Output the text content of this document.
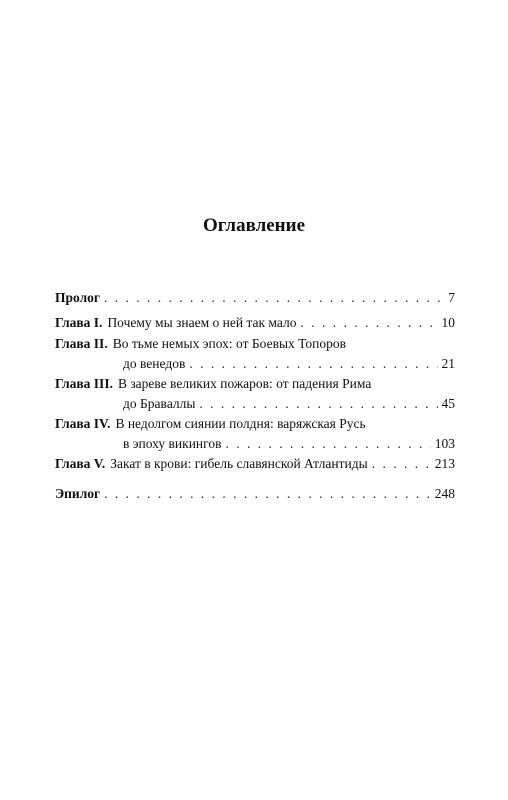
Оглавление
Пролог . . .	7
Глава I. Почему мы знаем о ней так мало . . .	10
Глава II. Во тьме немых эпох: от Боевых Топоров
до венедов . . .	21
Глава III. В зареве великих пожаров: от падения Рима
до Бравaллы . . .	45
Глава IV. В недолгом сиянии полдня: варяжская Русь
в эпоху викингов . . .	103
Глава V. Закат в крови: гибель славянской Атлантиды . . .	213
Эпилог . . .	248
